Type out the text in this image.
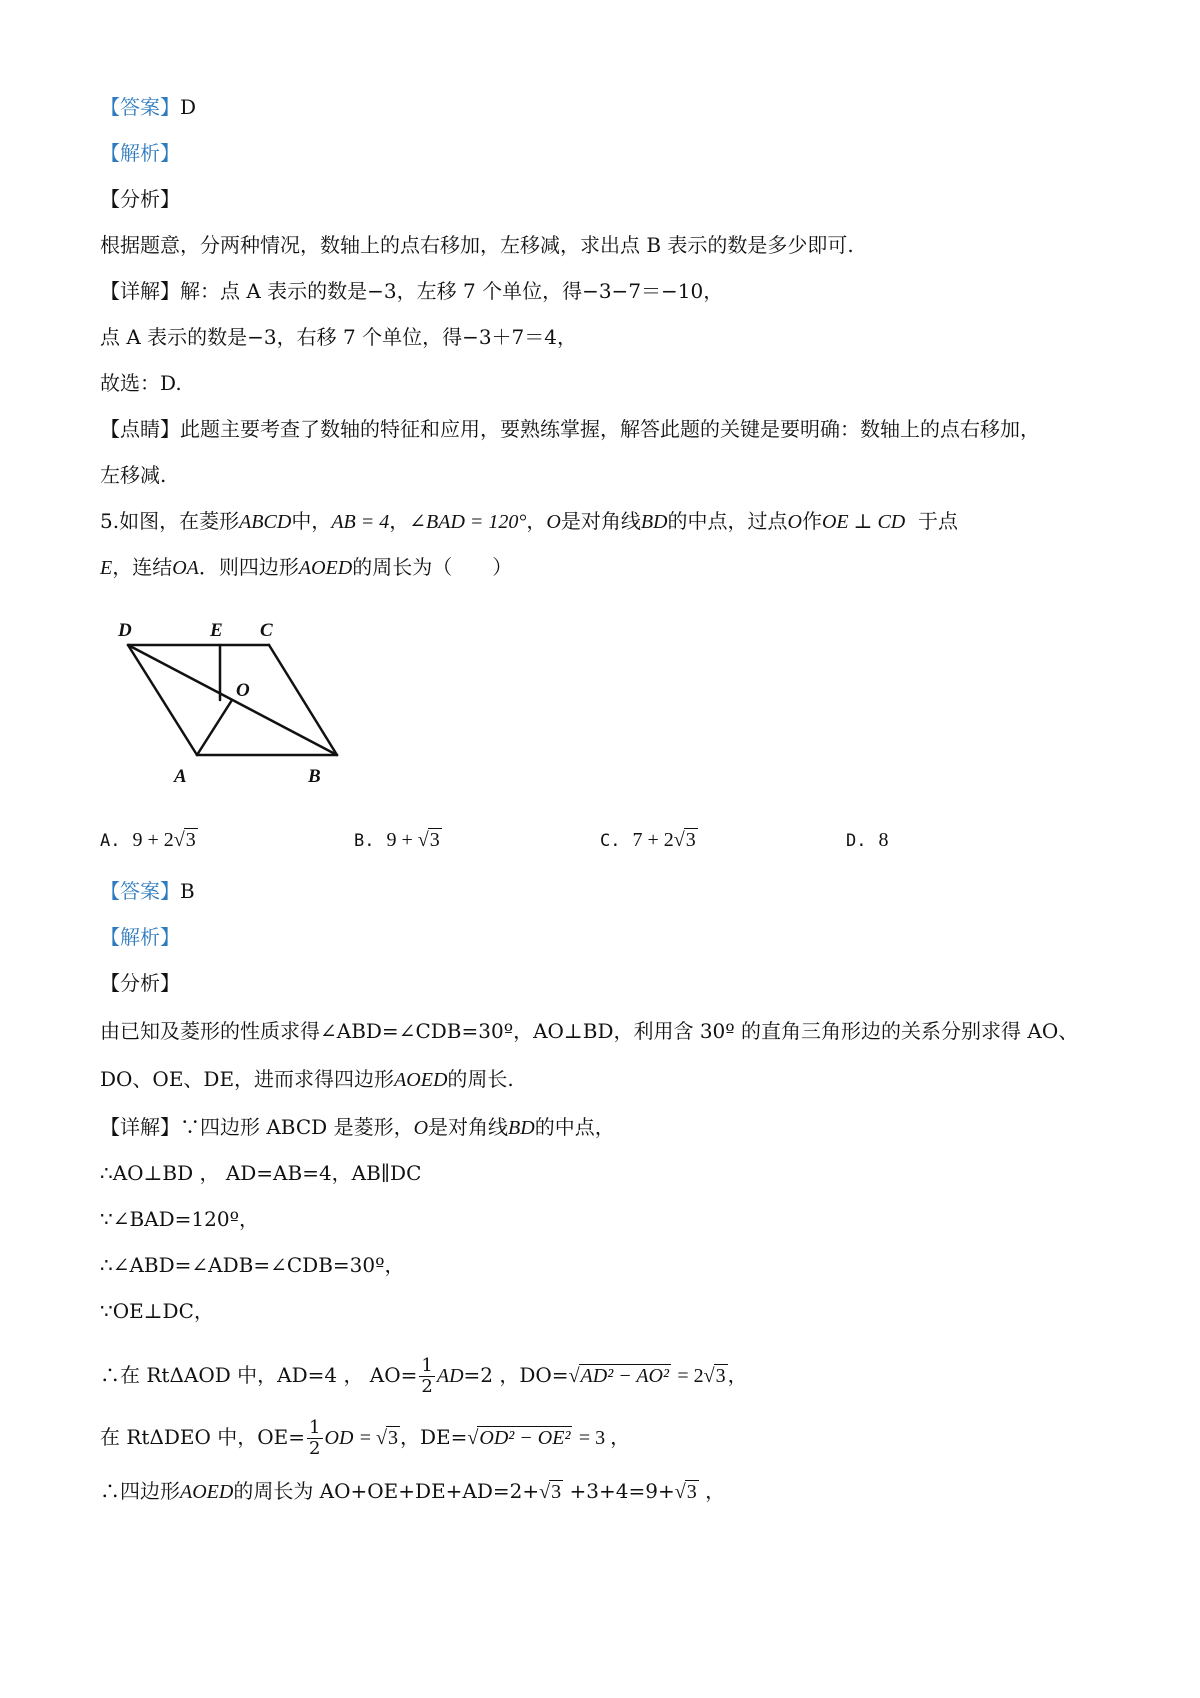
【答案】D
【解析】
【分析】
根据题意，分两种情况，数轴上的点右移加，左移减，求出点 B 表示的数是多少即可.
【详解】解：点 A 表示的数是−3，左移 7 个单位，得−3−7＝−10，
点 A 表示的数是−3，右移 7 个单位，得−3＋7＝4，
故选：D.
【点睛】此题主要考查了数轴的特征和应用，要熟练掌握，解答此题的关键是要明确：数轴上的点右移加，
左移减.
5.如图，在菱形ABCD中，AB = 4，∠BAD = 120°，O是对角线BD的中点，过点O作OE ⊥ CD 于点
E，连结OA．则四边形AOED的周长为（　　）
D	E C
O
A	B
A. 9 + 2√3	B. 9 + √3	C. 7 + 2√3	D. 8
【答案】B
【解析】
【分析】
由已知及菱形的性质求得∠ABD=∠CDB=30º，AO⊥BD，利用含 30º 的直角三角形边的关系分别求得 AO、
DO、OE、DE，进而求得四边形AOED的周长.
【详解】∵四边形 ABCD 是菱形，O是对角线BD的中点，
∴AO⊥BD ， AD=AB=4，AB∥DC
∵∠BAD=120º，
∴∠ABD=∠ADB=∠CDB=30º，
∵OE⊥DC，
∴在 RtΔAOD 中，AD=4 ， $AO= \frac{1}{2} AD=2$ ，DO=√AD² − AO² = 2√3 ，
在 RtΔDEO 中，$OE= \frac{1}{2}$ OD = √3 ，DE=√OD² − OE² = 3 ，
∴四边形AOED的周长为 AO+OE+DE+AD=2+√3 +3+4=9+√3 ，
